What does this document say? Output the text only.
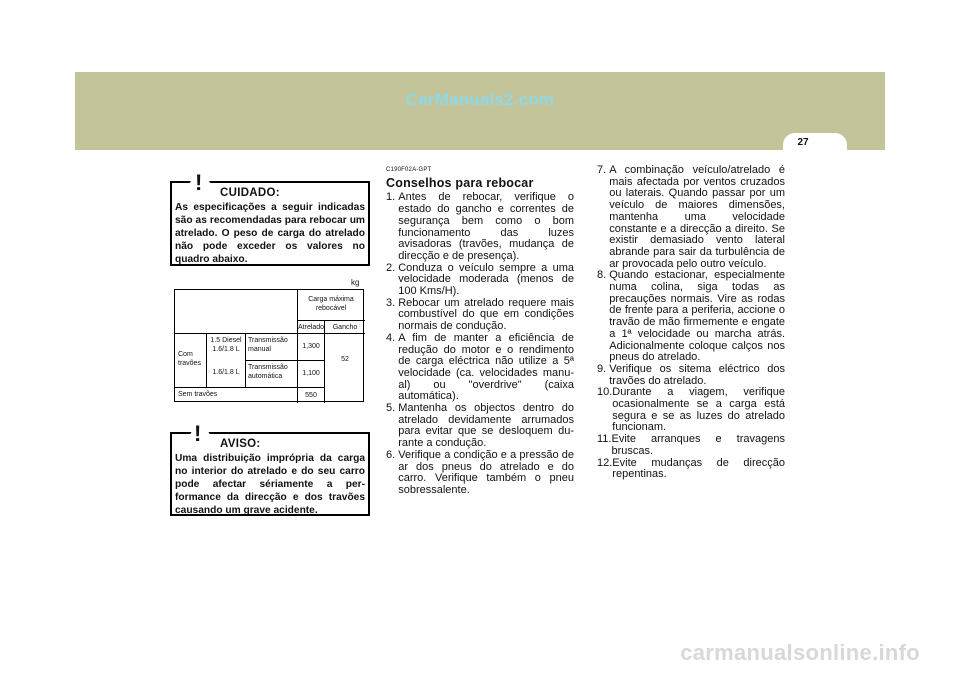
CarManuals2.com
CONDUZINDO O SEU HYUNDAI 2
27
! CUIDADO:
As especificações a seguir indicadas são as recomendadas para rebocar um atrelado. O peso de carga do atrelado não pode exceder os valores no quadro abaixo.
kg
Carga máxima rebocável
Atrelado	Gancho
Com travões
1.5 Diesel 1.6/1.8 L
1.6/1.8 L
Transmissão manual
Transmissão automática
1,300
1,100
Sem travões	550
52
! AVISO:
Uma distribuição imprópria da carga no interior do atrelado e do seu carro pode afectar sériamente a per-formance da direcção e dos travões causando um grave acidente.
C190F02A-GPT
Conselhos para rebocar
1. Antes de rebocar, verifique o estado do gancho e correntes de segurança bem como o bom funcionamento das luzes avisadoras (travões, mudança de direcção e de presença).
2. Conduza o veículo sempre a uma velocidade moderada (menos de 100 Kms/H).
3. Rebocar um atrelado requere mais combustível do que em condições normais de condução.
4. A fim de manter a eficiência de redução do motor e o rendimento de carga eléctrica não utilize a 5ª velocidade (ca. velocidades manu-al) ou "overdrive" (caixa automática).
5. Mantenha os objectos dentro do atrelado devidamente arrumados para evitar que se desloquem du-rante a condução.
6. Verifique a condição e a pressão de ar dos pneus do atrelado e do carro. Verifique também o pneu sobressalente.
7. A combinação veículo/atrelado é mais afectada por ventos cruzados ou laterais. Quando passar por um veículo de maiores dimensões, mantenha uma velocidade constante e a direcção a direito. Se existir demasiado vento lateral abrande para sair da turbulência de ar provocada pelo outro veículo.
8. Quando estacionar, especialmente numa colina, siga todas as precauções normais. Vire as rodas de frente para a periferia, accione o travão de mão firmemente e engate a 1ª velocidade ou marcha atrás. Adicionalmente coloque calços nos pneus do atrelado.
9. Verifique os sitema eléctrico dos travões do atrelado.
10. Durante a viagem, verifique ocasionalmente se a carga está segura e se as luzes do atrelado funcionam.
11. Evite arranques e travagens bruscas.
12. Evite mudanças de direcção repentinas.
carmanualsonline.info
